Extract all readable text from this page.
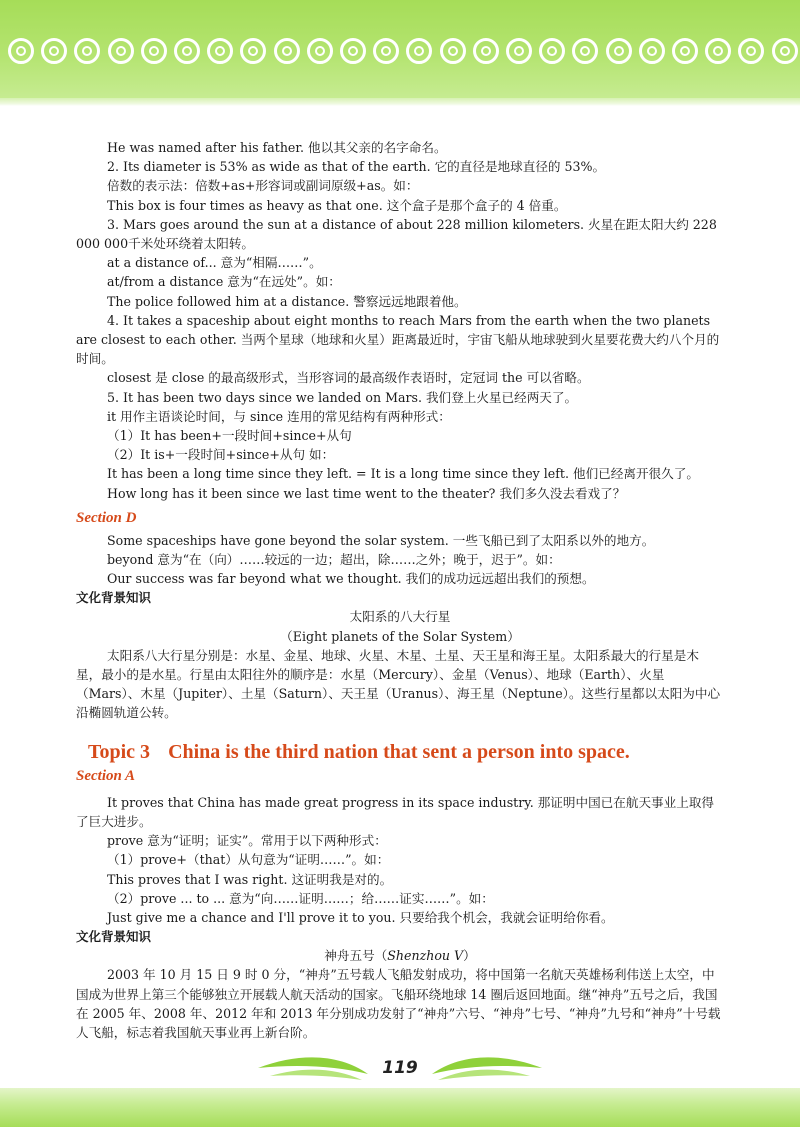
He was named after his father. 他以其父亲的名字命名。

2. Its diameter is 53% as wide as that of the earth. 它的直径是地球直径的 53%。

倍数的表示法：倍数+as+形容词或副词原级+as。如：

This box is four times as heavy as that one. 这个盒子是那个盒子的 4 倍重。

3. Mars goes around the sun at a distance of about 228 million kilometers. 火星在距太阳大约 228 000 000千米处环绕着太阳转。

at a distance of... 意为“相隔……”。

at/from a distance 意为“在远处”。如：

The police followed him at a distance. 警察远远地跟着他。

4. It takes a spaceship about eight months to reach Mars from the earth when the two planets are closest to each other. 当两个星球（地球和火星）距离最近时，宇宙飞船从地球驶到火星要花费大约八个月的时间。

closest 是 close 的最高级形式，当形容词的最高级作表语时，定冠词 the 可以省略。

5. It has been two days since we landed on Mars. 我们登上火星已经两天了。

it 用作主语谈论时间，与 since 连用的常见结构有两种形式：

（1）It has been+一段时间+since+从句

（2）It is+一段时间+since+从句 如：

It has been a long time since they left. = It is a long time since they left. 他们已经离开很久了。

How long has it been since we last time went to the theater? 我们多久没去看戏了？

Section D

Some spaceships have gone beyond the solar system. 一些飞船已到了太阳系以外的地方。

beyond 意为“在（向）……较远的一边；超出，除……之外；晚于，迟于”。如：

Our success was far beyond what we thought. 我们的成功远远超出我们的预想。

文化背景知识
太阳系的八大行星
（Eight planets of the Solar System）

太阳系八大行星分别是：水星、金星、地球、火星、木星、土星、天王星和海王星。太阳系最大的行星是木星，最小的是水星。行星由太阳往外的顺序是：水星（Mercury）、金星（Venus）、地球（Earth）、火星（Mars）、木星（Jupiter）、土星（Saturn）、天王星（Uranus）、海王星（Neptune）。这些行星都以太阳为中心沿椭圆轨道公转。

Topic 3 China is the third nation that sent a person into space.
Section A

It proves that China has made great progress in its space industry. 那证明中国已在航天事业上取得了巨大进步。

prove 意为“证明；证实”。常用于以下两种形式：

（1）prove+（that）从句意为“证明……”。如：

This proves that I was right. 这证明我是对的。

（2）prove ... to ... 意为“向……证明……；给……证实……”。如：

Just give me a chance and I'll prove it to you. 只要给我个机会，我就会证明给你看。

文化背景知识
神舟五号（Shenzhou Ⅴ）

2003 年 10 月 15 日 9 时 0 分，“神舟”五号载人飞船发射成功，将中国第一名航天英雄杨利伟送上太空，中国成为世界上第三个能够独立开展载人航天活动的国家。飞船环绕地球 14 圈后返回地面。继“神舟”五号之后，我国在 2005 年、2008 年、2012 年和 2013 年分别成功发射了“神舟”六号、“神舟”七号、“神舟”九号和“神舟”十号载人飞船，标志着我国航天事业再上新台阶。

119
